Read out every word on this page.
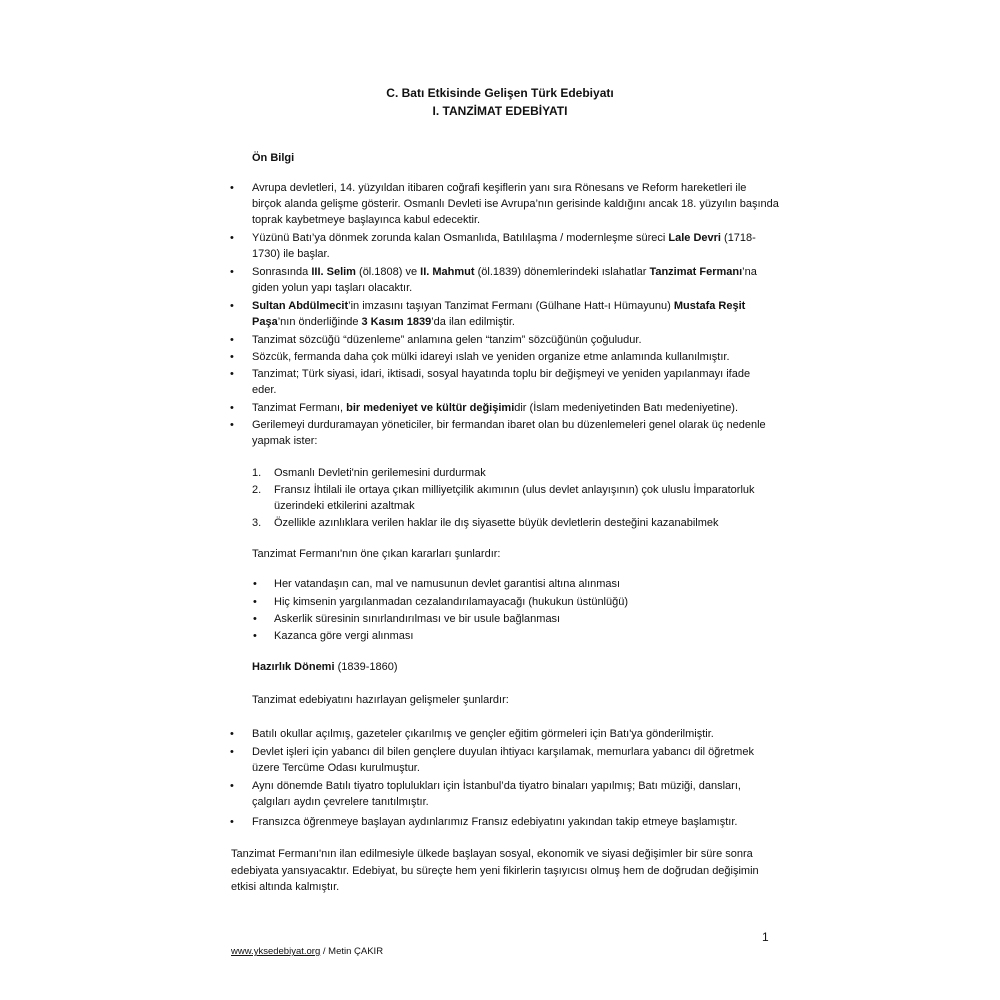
C. Batı Etkisinde Gelişen Türk Edebiyatı
I. TANZİMAT EDEBİYATI
Ön Bilgi
• Avrupa devletleri, 14. yüzyıldan itibaren coğrafi keşiflerin yanı sıra Rönesans ve Reform hareketleri ile
birçok alanda gelişme gösterir. Osmanlı Devleti ise Avrupa’nın gerisinde kaldığını ancak 18. yüzyılın başında
toprak kaybetmeye başlayınca kabul edecektir.
• Yüzünü Batı’ya dönmek zorunda kalan Osmanlıda, Batılılaşma / modernleşme süreci Lale Devri (1718-
1730) ile başlar.
• Sonrasında III. Selim (öl.1808) ve II. Mahmut (öl.1839) dönemlerindeki ıslahatlar Tanzimat Fermanı’na
giden yolun yapı taşları olacaktır.
• Sultan Abdülmecit’in imzasını taşıyan Tanzimat Fermanı (Gülhane Hatt-ı Hümayunu) Mustafa Reşit
Paşa’nın önderliğinde 3 Kasım 1839’da ilan edilmiştir.
• Tanzimat sözcüğü “düzenleme” anlamına gelen “tanzim” sözcüğünün çoğuludur.
• Sözcük, fermanda daha çok mülki idareyi ıslah ve yeniden organize etme anlamında kullanılmıştır.
• Tanzimat; Türk siyasi, idari, iktisadi, sosyal hayatında toplu bir değişmeyi ve yeniden yapılanmayı ifade
eder.
• Tanzimat Fermanı, bir medeniyet ve kültür değişimidir (İslam medeniyetinden Batı medeniyetine).
• Gerilemeyi durduramayan yöneticiler, bir fermandan ibaret olan bu düzenlemeleri genel olarak üç nedenle
yapmak ister:
1. Osmanlı Devleti'nin gerilemesini durdurmak
2. Fransız İhtilali ile ortaya çıkan milliyetçilik akımının (ulus devlet anlayışının) çok uluslu İmparatorluk
üzerindeki etkilerini azaltmak
3. Özellikle azınlıklara verilen haklar ile dış siyasette büyük devletlerin desteğini kazanabilmek
Tanzimat Fermanı'nın öne çıkan kararları şunlardır:
• Her vatandaşın can, mal ve namusunun devlet garantisi altına alınması
• Hiç kimsenin yargılanmadan cezalandırılamayacağı (hukukun üstünlüğü)
• Askerlik süresinin sınırlandırılması ve bir usule bağlanması
• Kazanca göre vergi alınması
Hazırlık Dönemi (1839-1860)
Tanzimat edebiyatını hazırlayan gelişmeler şunlardır:
• Batılı okullar açılmış, gazeteler çıkarılmış ve gençler eğitim görmeleri için Batı'ya gönderilmiştir.
• Devlet işleri için yabancı dil bilen gençlere duyulan ihtiyacı karşılamak, memurlara yabancı dil öğretmek
üzere Tercüme Odası kurulmuştur.
• Aynı dönemde Batılı tiyatro toplulukları için İstanbul’da tiyatro binaları yapılmış; Batı müziği, dansları,
çalgıları aydın çevrelere tanıtılmıştır.
• Fransızca öğrenmeye başlayan aydınlarımız Fransız edebiyatını yakından takip etmeye başlamıştır.
Tanzimat Fermanı'nın ilan edilmesiyle ülkede başlayan sosyal, ekonomik ve siyasi değişimler bir süre sonra
edebiyata yansıyacaktır. Edebiyat, bu süreçte hem yeni fikirlerin taşıyıcısı olmuş hem de doğrudan değişimin
etkisi altında kalmıştır.
1
www.yksedebiyat.org / Metin ÇAKIR
